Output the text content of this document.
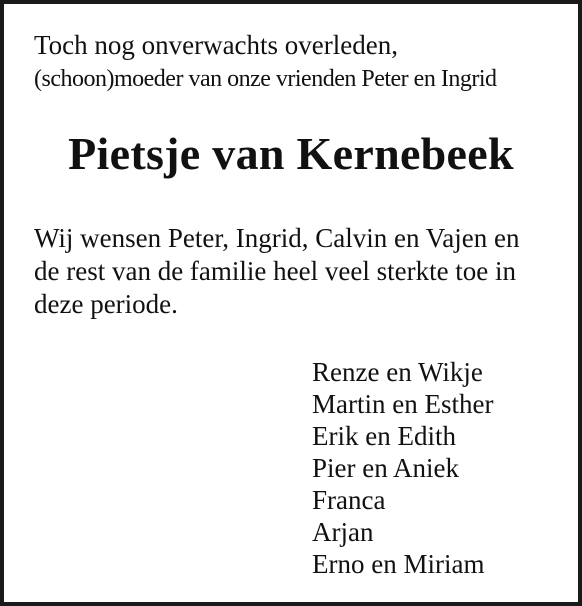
Toch nog onverwachts overleden,
(schoon)moeder van onze vrienden Peter en Ingrid
Pietsje van Kernebeek
Wij wensen Peter, Ingrid, Calvin en Vajen en
de rest van de familie heel veel sterkte toe in
deze periode.
Renze en Wikje
Martin en Esther
Erik en Edith
Pier en Aniek
Franca
Arjan
Erno en Miriam
